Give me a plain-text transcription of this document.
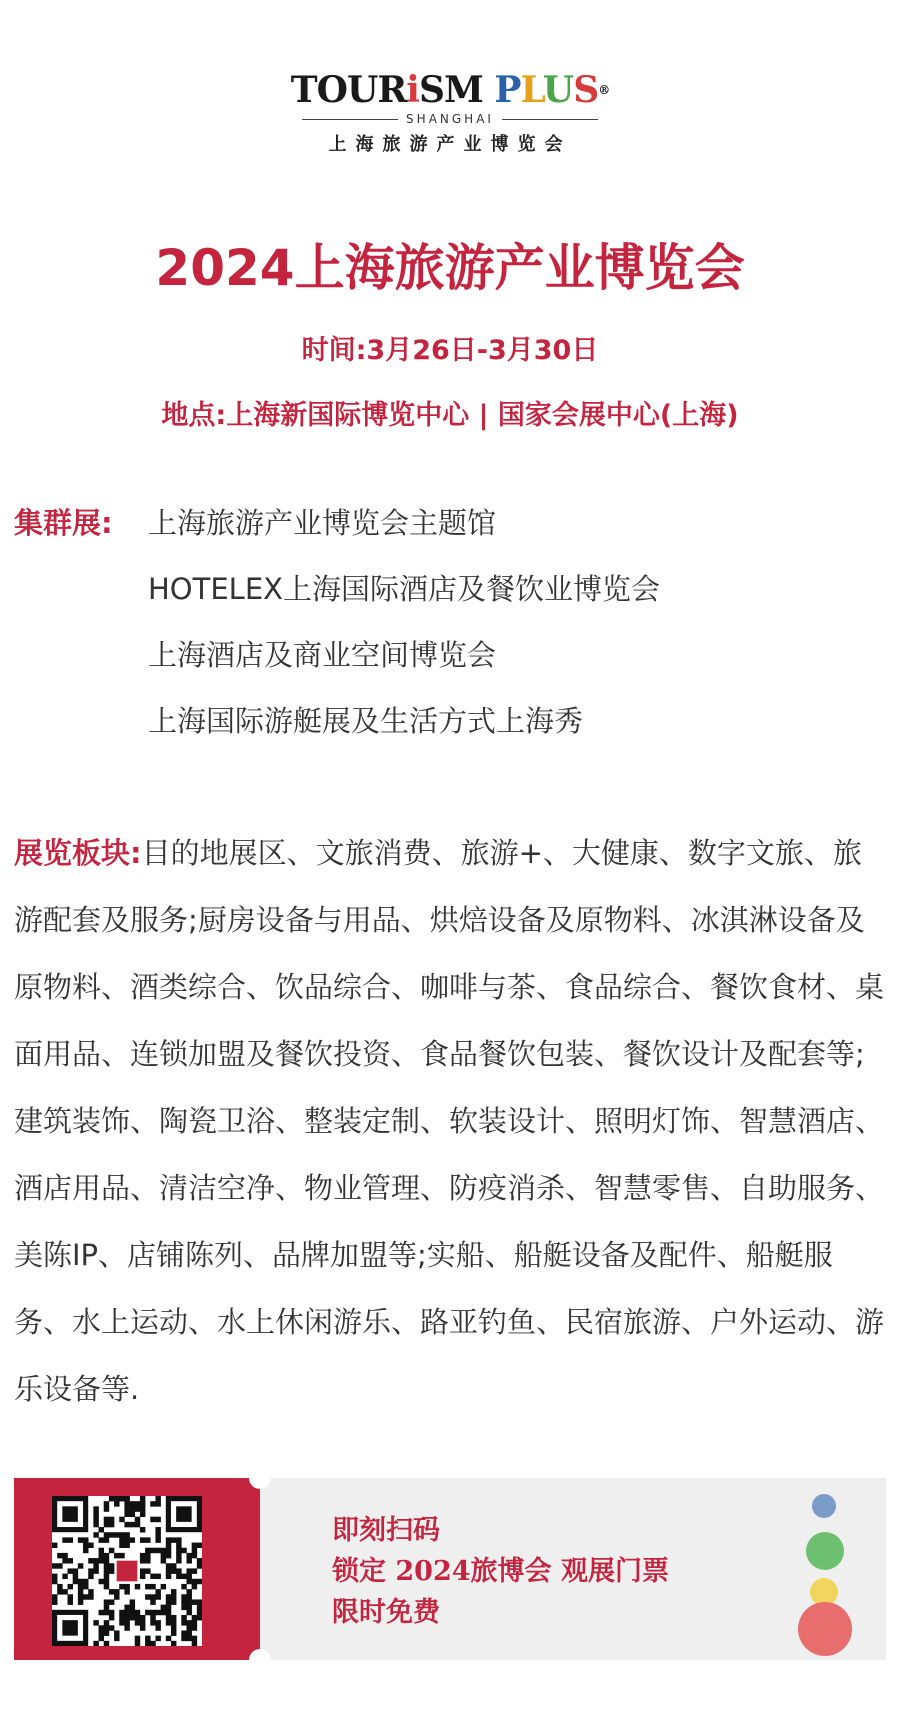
TOURiSM PLUS®
SHANGHAI
上海旅游产业博览会
2024上海旅游产业博览会
时间:3月26日-3月30日
地点:上海新国际博览中心 | 国家会展中心(上海)
集群展: 上海旅游产业博览会主题馆
HOTELEX上海国际酒店及餐饮业博览会
上海酒店及商业空间博览会
上海国际游艇展及生活方式上海秀
展览板块:目的地展区、文旅消费、旅游+、大健康、数字文旅、旅游配套及服务;厨房设备与用品、烘焙设备及原物料、冰淇淋设备及原物料、酒类综合、饮品综合、咖啡与茶、食品综合、餐饮食材、桌面用品、连锁加盟及餐饮投资、食品餐饮包装、餐饮设计及配套等;建筑装饰、陶瓷卫浴、整装定制、软装设计、照明灯饰、智慧酒店、酒店用品、清洁空净、物业管理、防疫消杀、智慧零售、自助服务、美陈IP、店铺陈列、品牌加盟等;实船、船艇设备及配件、船艇服务、水上运动、水上休闲游乐、路亚钓鱼、民宿旅游、户外运动、游乐设备等.
即刻扫码
锁定 2024旅博会 观展门票
限时免费
